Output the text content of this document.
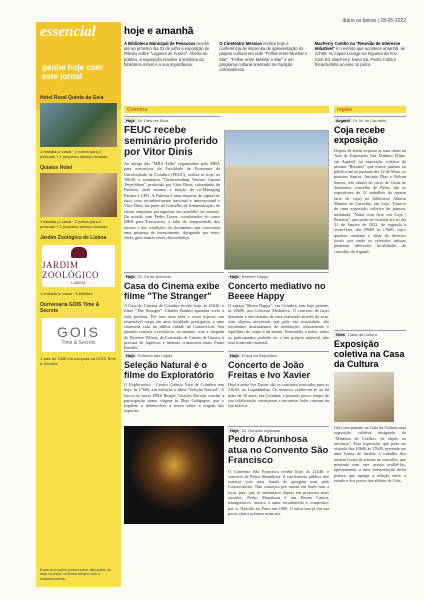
diário as beiras | 28-05-2022
essencial
ganhe hoje com este jornal
Hotel Rural Quinta da Geia
1 estadia p/ casal · 2 noites para 2 pessoas + 1 pequeno-almoço incluído
Quiaios Hotel
1 estadia p/ casal · 2 noites para 2 pessoas + 1 pequeno-almoço incluído
Jardim Zoológico de Lisboa
JARDIM ZOOLÓGICO
LISBOA
1 entrada p/ casal · 5 bilhetes
Ourivesaria GÓIS Time & Secrets
GOIS
Time & Secrets
1 vale de 150€ em compras na GÓIS Time & Secrets
Estas promoções podem sofrer alterações de data ou preço, confirme sempre com o estabelecimento
hoje e amanhã
A Biblioteca Municipal de Penacova recebe até ao próximo dia 31 de julho a exposição de Ribeiro sobre "Lugares de Futuro". Aberta ao público, a exposição envolve a temática da biblioteca móvel e a sua importância.
O Cineteatro Messias recebe hoje a conferência de imprensa de apresentação do projeto cultural em rede "Folhar entre Mostrar e Mar", "Folhar entre Mostrar e Mar" é um programa cultural orientado na tradição carnavalesca.
MacFerry Combo na "Reunião de Interesse Imbatível" é o evento que acontece amanhã, às 21h30, no Liquid Lounge na Figueira da Foz. Com Ed. MacFerry, Nuno Sá, Pedro Cobb e Ricardo Brito ao vivo no palco.
Coimbra	região
Hoje Dr. Diniz da Silva
FEUC recebe seminário proferido por Vitor Dinis
Ao abrigo das "MBA Talks" organizadas pelo MBA para executivos da Faculdade de Economia da Universidade de Coimbra (FEUC), realiza-se hoje, às 10h30, o seminário "Understanding Venture Capital Term-Sheet", proferido por Vitor Dinis, cofundador da Pathena, onde assume a função de co-Managing Partner e CFO. A Pathena é uma empresa de capital de risco com reconhecimento nacional e internacional e Vitor Dinis faz parte do Conselho de Administração, de várias empresas portuguesas em portfólio no mesmo. De acordo com Pedro Torres, coordenador do curso MBA para Executivos, a falta de compreensão dos termos e das condições do documento que concretiza uma proposta de investimento, designado por term-sheet, gera muitas vezes desconfiança.
Arganil Dr. M. do Carvalho
Coja recebe exposição
Depois de terem exposto as suas obras na Arte de Exposição Gui Delmiro Filipe, em Arganil, na exposição coletiva de pintura "Retratos" que esteve patente ao público até ao passado dia 22 de Maio, os pintores Santos, António Dias e Nelson Santos, três alunos do curso de Casas de Senhorim, concelho de Nelas, são os expositores de 21 trabalhos do mestre (arte de coja) na biblioteca Alberto Martins de Carvalho, em Coja. Trata-se de uma exposição coletiva de pintura, intitulada "Natal com Arte em Coja | Retratos", que pode ser visitada até ao dia 31 de Janeiro de 2022, de segunda a sexta-feira, das 09h00 às 17h00, cujos quadros retratam o olhar de diversos locais por onde os referidos artistas pintaram diferentes localidades do concelho de Arganil.
Hoje Dr. Sá de Azevedo
Casa do Cinema exibe filme "The Stranger"
A Casa do Cinema de Coimbra recebe hoje, às 21h30, o filme "The Stranger". Charles Rankin aparenta viver a vida perfeita. Ele tem uma bela e nova esposa, um respeitável cargo em uma faculdade prestigiosa, e uma charmosa casa na idílica cidade de Connecticut. Seu passado começa a revelar-se, no entanto, com a chegada do Detetive Wilson, da Comissão de Crimes de Guerra, à procura de fugitivos e infames criminosos nazis Franz Kindler.
Hoje Beeeee Happy
Concerto mediativo no Beeee Happy
O espaço "Beeee Happy", em Coimbra, tem hoje patente, às 20h00, um Concerto Mediativo. O concerto de taças tibetanas é um sistema de cura realizado através do som, com objetos universais que pela sua sonoridade, são excelentes instrumentos de meditação, relaxamento e equilíbrio do corpo e da mente. Pretendido a todos, todos os participantes poderão ter o seu próprio material, não será fornecido material.
Hoje Rolando das Lapas
Seleção Natural é o filme do Exploratório
O Exploratório - Centro Ciência Viva de Coimbra tem hoje, às 17h00, em exibição o filme "Seleção Natural". A busca do navio HMS Beagle, Charles Darwin conclui a participação numa viagem às Ilhas Galápagos, que o impõem a desenvolver a teoria sobre a origem das espécies.
Hoje Praça da República
Concerto de João Freitas e Ivo Xavier
Hoje à noite Ivo Xavier são os concertos marcados para as 21h30, no Liquidambar. Os músicos conhecem-se ao há mais de 10 anos, em Coimbra, e passado pouco tempo de sua colaboração começaram a encontrar lados comuns na sua música.
Góis Casa da Cultura
Exposição coletiva na Casa da Cultura
Góis tem patente na Casa da Cultura uma exposição coletiva designada de "Mineiras de Coelhos: de objeto ao artefacto". Esta exposição, que pode ser visitada das 10h00 às 17h00, pretende ser uma forma de ilustrar o trabalho dos artistas locais de artistas no concelho, que pretende com este acesso acolhê-los, apresentando a uma interpretação desta prática que agrega a relação entre o estudo e dos povos das aldeias de Góis.
Hoje Dr. Gonzalo Inglesias
Pedro Abrunhosa atua no Convento São Francisco
O Convento São Francisco recebe hoje, às 21h30, o concerto de Pedro Abrunhosa. A sua história pública não começa com uma banda de garagem mas pelo Conservatório. Não começou por cantar em bares mas a tocar jazz, que se entronizou depois em projectos mais ousados. Pedro Abrunhosa é um Eterno Cantor, transgressivo, músico e autor reconhecido e compositor por si. Nascido no Porto em 1960. O autor tem já em sua posse vários prémios musicais.
